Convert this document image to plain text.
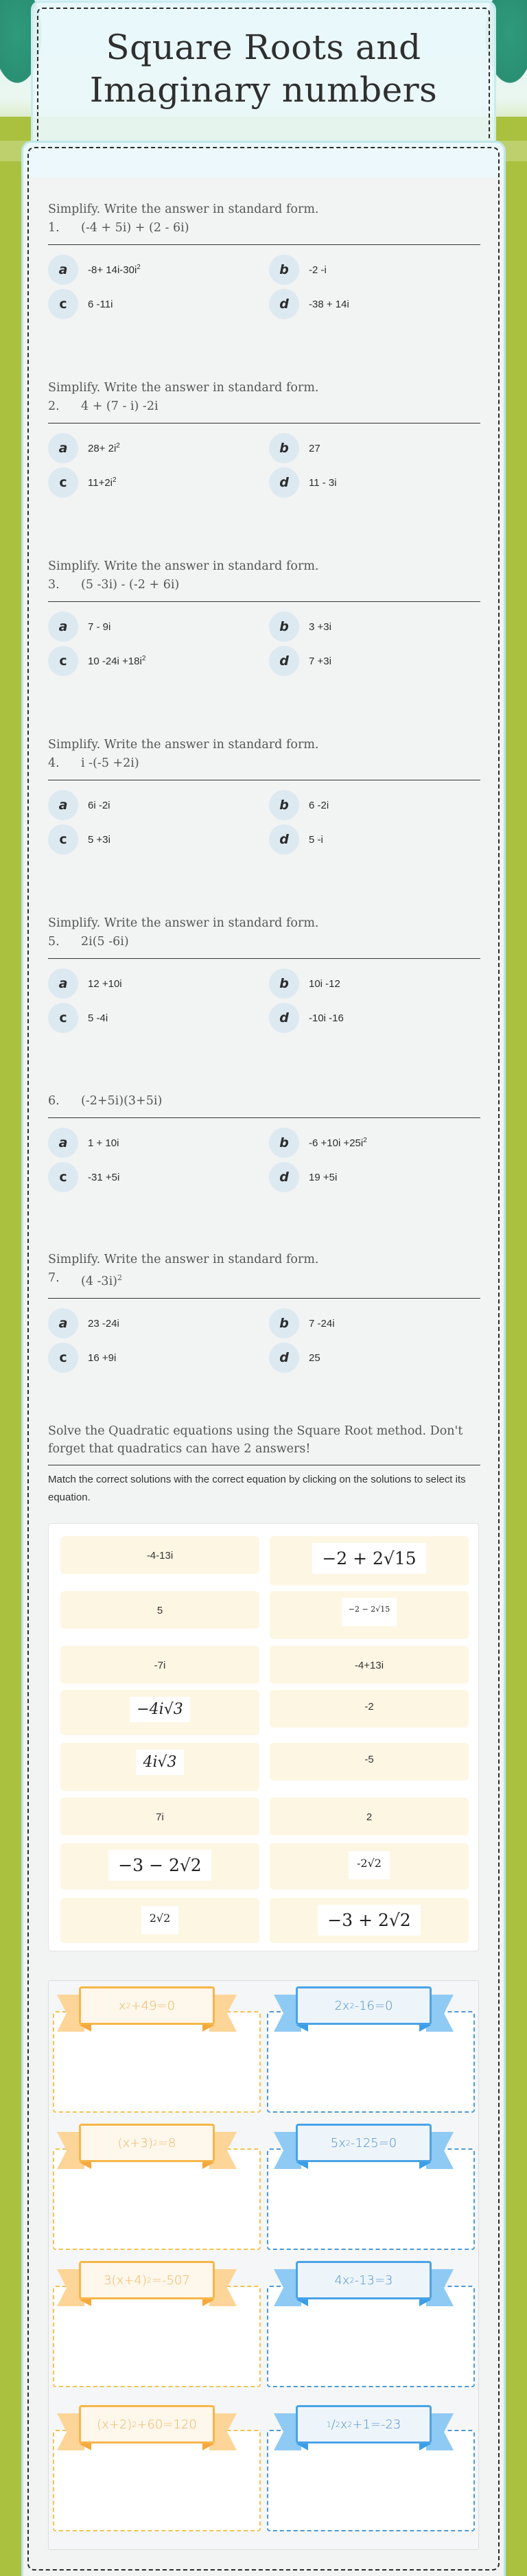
Square Roots and Imaginary numbers
Simplify. Write the answer in standard form.
1.	(-4 + 5i) + (2 - 6i)
a	$-8+ 14i-30i^2$	b	-2 -i
c	6 -11i	d	-38 + 14i
Simplify. Write the answer in standard form.
2.	4 + (7 - i) -2i
a	$28+ 2i^2$	b	27
c	$11+2i^2$	d	11 - 3i
Simplify. Write the answer in standard form.
3.	(5 -3i) - (-2 + 6i)
a	7 - 9i	b	3 +3i
c	10 $-24i +18i^2$	d	7 +3i
Simplify. Write the answer in standard form.
4.	i -(-5 +2i)
a	6i -2i	b	6 -2i
c	5 +3i	d	5 -i
Simplify. Write the answer in standard form.
5.	2i(5 -6i)
a	12 +10i	b	10i -12
c	5 -4i	d	-10i -16
6.	(-2+5i)(3+5i)
a	1 + 10i	b	$-6 +10i +25i^2$
c	-31 +5i	d	19 +5i
Simplify. Write the answer in standard form.
7.	(4 -3i)$^2$
a	23 -24i	b	7 -24i
c	16 +9i	d	25
Solve the Quadratic equations using the Square Root method. Don't forget that quadratics can have 2 answers!
Match the correct solutions with the correct equation by clicking on the solutions to select its equation.
-4-13i	−2 + 2√15
5	−2 − 2√15
-7i	-4+13i
−4i√3	-2
4i√3	-5
7i	2
−3 − 2√2	-2√2
2√2	−3 + 2√2
x 2 +49=0	2x 2 -16=0
(x+3) 2 =8	5x 2 -125=0
3(x+4) 2 =-507	4x 2 -13=3
(x+2) 2 +60=120	1 / 2 x 2 +1=-23
